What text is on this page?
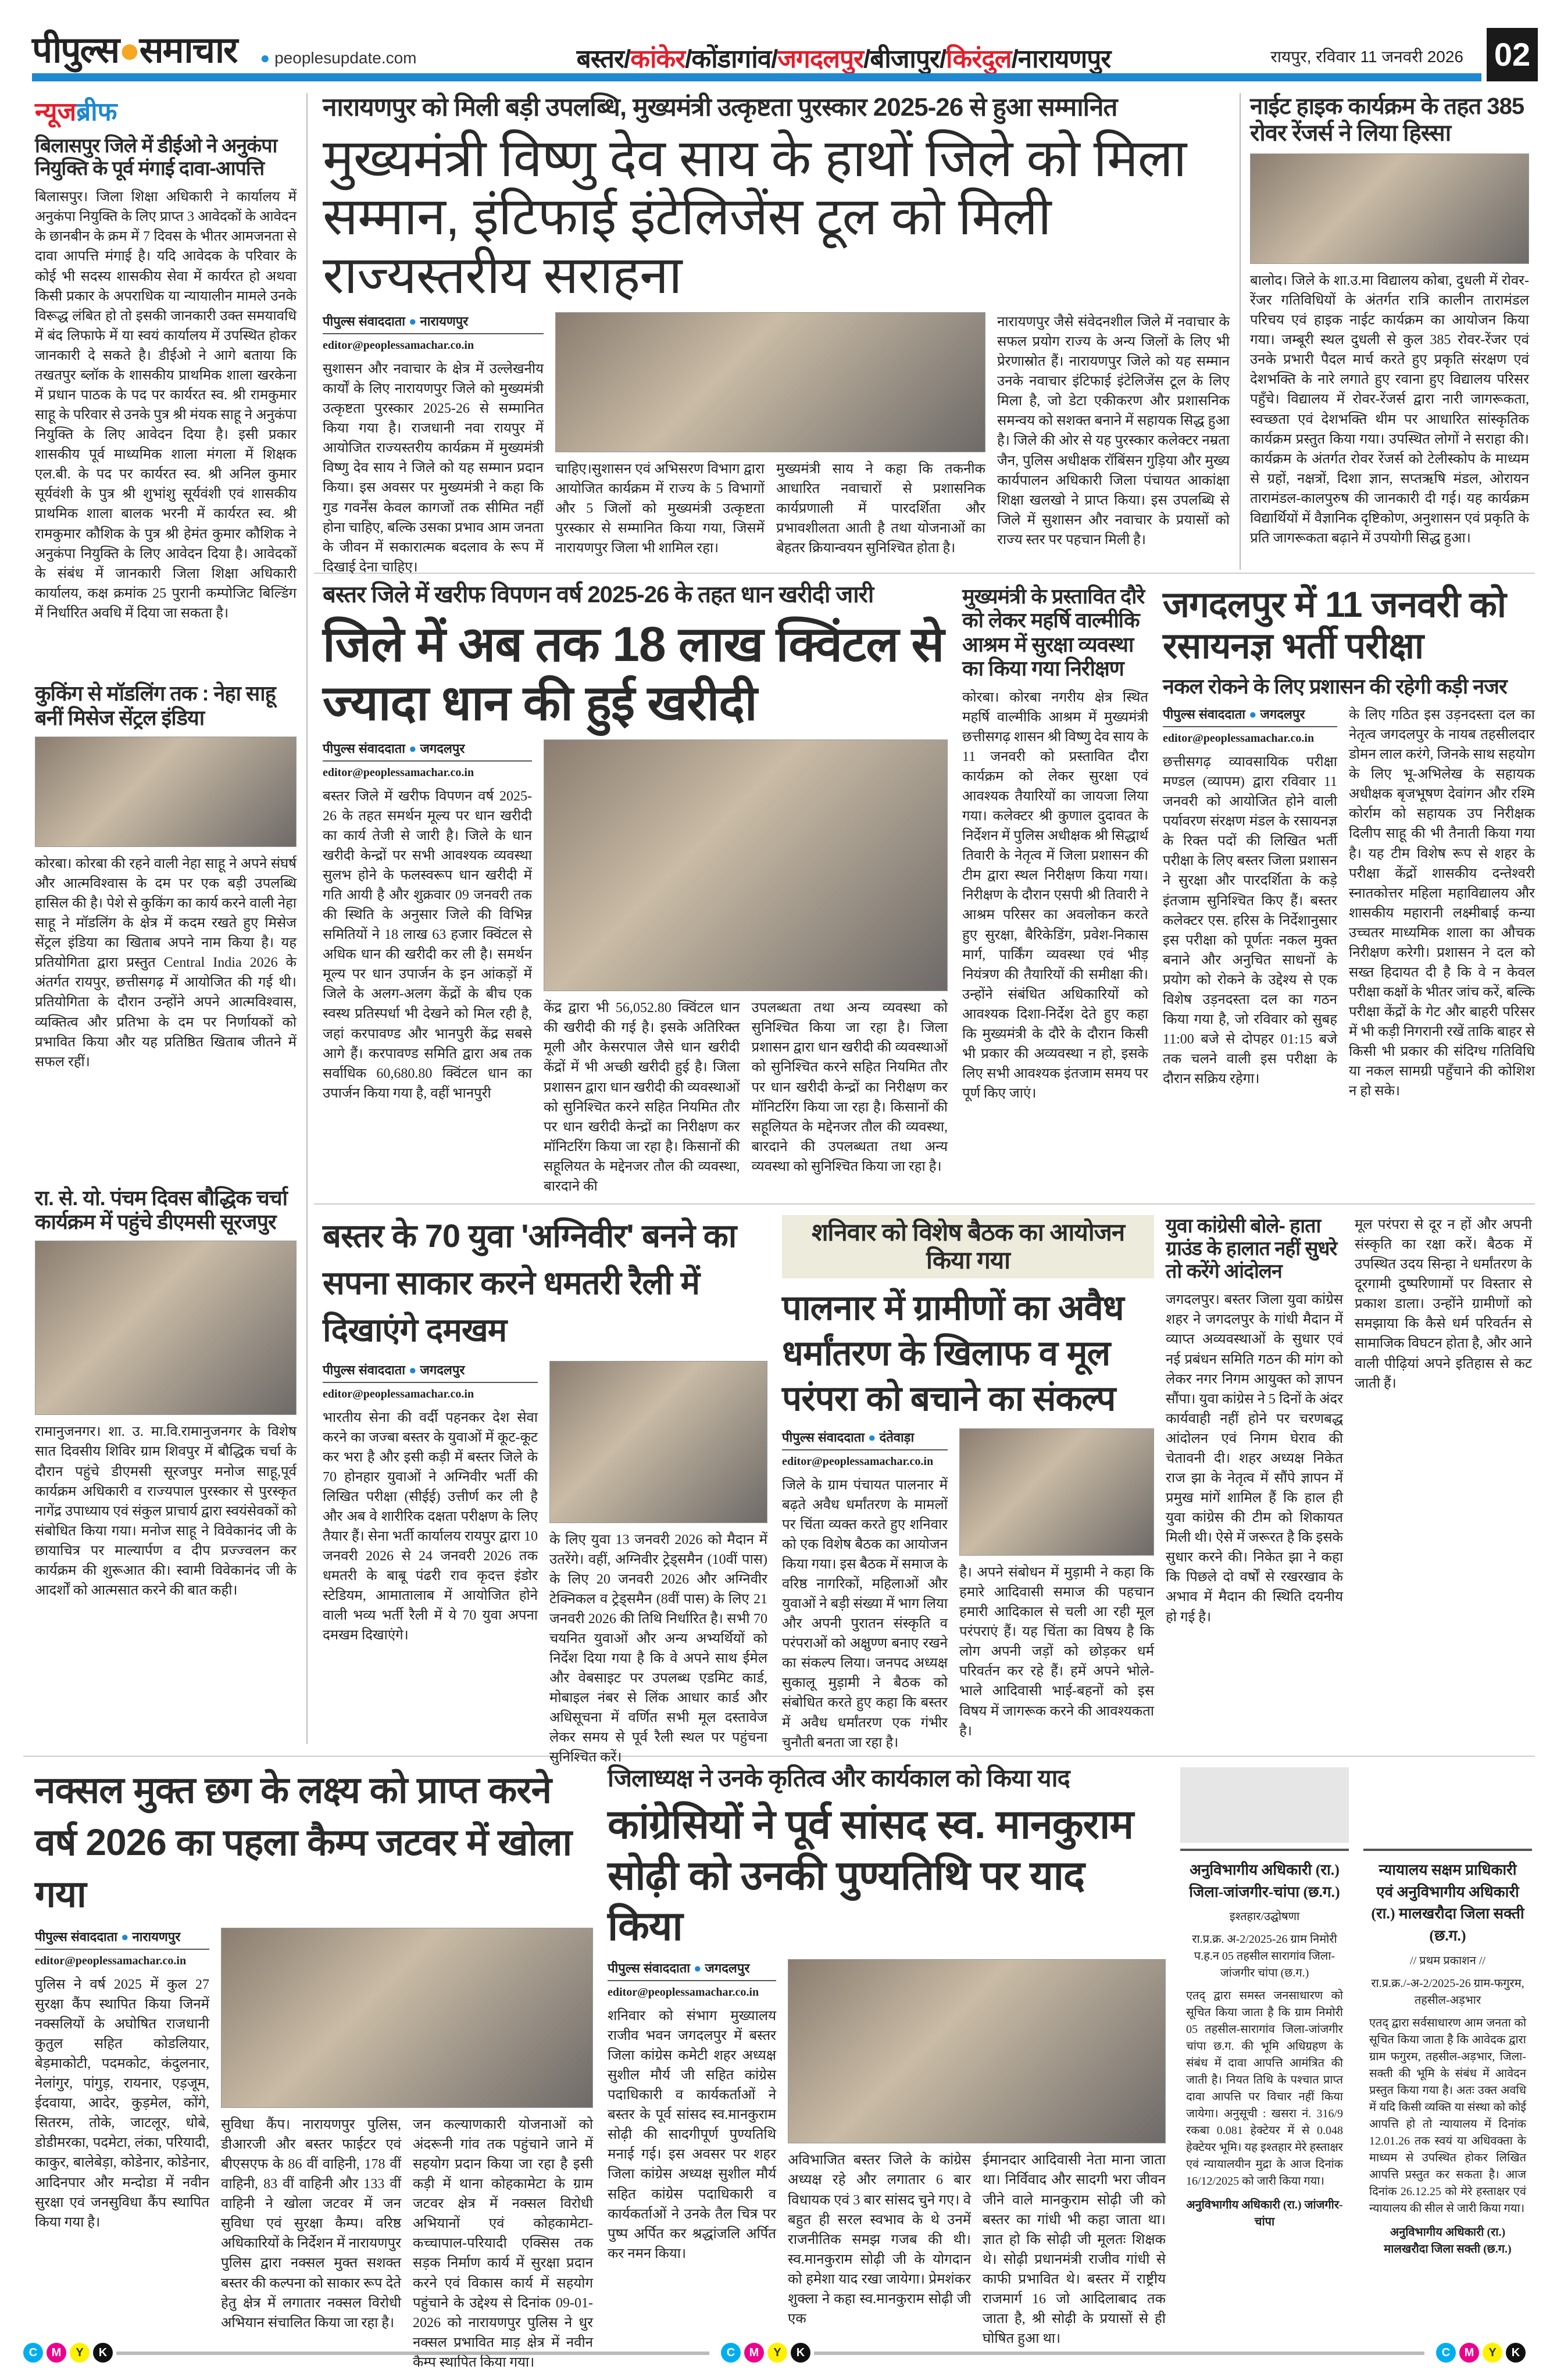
पीपुल्स●समाचार ● peoplesupdate.com	बस्तर / कांकेर / कोंडागांव / जगदलपुर / बीजापुर / किरंदुल / नारायणपुर	रायपुर, रविवार 11 जनवरी 2026 02
न्यूजब्रीफ
बिलासपुर जिले में डीईओ ने अनुकंपा नियुक्ति के पूर्व मंगाई दावा-आपत्ति

बिलासपुर। जिला शिक्षा अधिकारी ने कार्यालय में अनुकंपा नियुक्ति के लिए प्राप्त 3 आवेदकों के आवेदन के छानबीन के क्रम में 7 दिवस के भीतर आमजनता से दावा आपत्ति मंगाई है। यदि आवेदक के परिवार के कोई भी सदस्य शासकीय सेवा में कार्यरत हो अथवा किसी प्रकार के अपराधिक या न्यायालीन मामले उनके विरूद्ध लंबित हो तो इसकी जानकारी उक्त समयावधि में बंद लिफाफे में या स्वयं कार्यालय में उपस्थित होकर जानकारी दे सकते है। डीईओ ने आगे बताया कि तखतपुर ब्लॉक के शासकीय प्राथमिक शाला खरकेना में प्रधान पाठक के पद पर कार्यरत स्व. श्री रामकुमार साहू के परिवार से उनके पुत्र श्री मंयक साहू ने अनुकंपा नियुक्ति के लिए आवेदन दिया है। इसी प्रकार शासकीय पूर्व माध्यमिक शाला मंगला में शिक्षक एल.बी. के पद पर कार्यरत स्व. श्री अनिल कुमार सूर्यवंशी के पुत्र श्री शुभांशु सूर्यवंशी एवं शासकीय प्राथमिक शाला बालक भरनी में कार्यरत स्व. श्री रामकुमार कौशिक के पुत्र श्री हेमंत कुमार कौशिक ने अनुकंपा नियुक्ति के लिए आवेदन दिया है। आवेदकों के संबंध में जानकारी जिला शिक्षा अधिकारी कार्यालय, कक्ष क्रमांक 25 पुरानी कम्पोजिट बिल्डिंग में निर्धारित अवधि में दिया जा सकता है।

कुकिंग से मॉडलिंग तक : नेहा साहू बनीं मिसेज सेंट्रल इंडिया

कोरबा। कोरबा की रहने वाली नेहा साहू ने अपने संघर्ष और आत्मविश्वास के दम पर एक बड़ी उपलब्धि हासिल की है। पेशे से कुकिंग का कार्य करने वाली नेहा साहू ने मॉडलिंग के क्षेत्र में कदम रखते हुए मिसेज सेंट्रल इंडिया का खिताब अपने नाम किया है। यह प्रतियोगिता द्वारा प्रस्तुत Central India 2026 के अंतर्गत रायपुर, छत्तीसगढ़ में आयोजित की गई थी। प्रतियोगिता के दौरान उन्होंने अपने आत्मविश्वास, व्यक्तित्व और प्रतिभा के दम पर निर्णायकों को प्रभावित किया और यह प्रतिष्ठित खिताब जीतने में सफल रहीं।

रा. से. यो. पंचम दिवस बौद्धिक चर्चा कार्यक्रम में पहुंचे डीएमसी सूरजपुर

रामानुजनगर। शा. उ. मा.वि.रामानुजनगर के विशेष सात दिवसीय शिविर ग्राम शिवपुर में बौद्धिक चर्चा के दौरान पहुंचे डीएमसी सूरजपुर मनोज साहू,पूर्व कार्यक्रम अधिकारी व राज्यपाल पुरस्कार से पुरस्कृत नागेंद्र उपाध्याय एवं संकुल प्राचार्य द्वारा स्वयंसेवकों को संबोधित किया गया। मनोज साहू ने विवेकानंद जी के छायाचित्र पर माल्यार्पण व दीप प्रज्ज्वलन कर कार्यक्रम की शुरूआत की। स्वामी विवेकानंद जी के आदर्शों को आत्मसात करने की बात कही।

नारायणपुर को मिली बड़ी उपलब्धि, मुख्यमंत्री उत्कृष्टता पुरस्कार 2025-26 से हुआ सम्मानित
मुख्यमंत्री विष्णु देव साय के हाथों जिले को मिला सम्मान, इंटिफाई इंटेलिजेंस टूल को मिली राज्यस्तरीय सराहना
पीपुल्स संवाददाता ● नारायणपुर
editor@peoplessamachar.co.in

सुशासन और नवाचार के क्षेत्र में उल्लेखनीय कार्यों के लिए नारायणपुर जिले को मुख्यमंत्री उत्कृष्टता पुरस्कार 2025-26 से सम्मानित किया गया है। राजधानी नवा रायपुर में आयोजित राज्यस्तरीय कार्यक्रम में मुख्यमंत्री विष्णु देव साय ने जिले को यह सम्मान प्रदान किया। इस अवसर पर मुख्यमंत्री ने कहा कि गुड गवर्नेंस केवल कागजों तक सीमित नहीं होना चाहिए, बल्कि उसका प्रभाव आम जनता के जीवन में सकारात्मक बदलाव के रूप में दिखाई देना चाहिए।

चाहिए।सुशासन एवं अभिसरण विभाग द्वारा आयोजित कार्यक्रम में राज्य के 5 विभागों और 5 जिलों को मुख्यमंत्री उत्कृष्टता पुरस्कार से सम्मानित किया गया, जिसमें नारायणपुर जिला भी शामिल रहा।

मुख्यमंत्री साय ने कहा कि तकनीक आधारित नवाचारों से प्रशासनिक कार्यप्रणाली में पारदर्शिता और प्रभावशीलता आती है तथा योजनाओं का बेहतर क्रियान्वयन सुनिश्चित होता है।

नारायणपुर जैसे संवेदनशील जिले में नवाचार के सफल प्रयोग राज्य के अन्य जिलों के लिए भी प्रेरणास्रोत हैं। नारायणपुर जिले को यह सम्मान उनके नवाचार इंटिफाई इंटेलिजेंस टूल के लिए मिला है, जो डेटा एकीकरण और प्रशासनिक समन्वय को सशक्त बनाने में सहायक सिद्ध हुआ है। जिले की ओर से यह पुरस्कार कलेक्टर नम्रता जैन, पुलिस अधीक्षक रॉबिंसन गुड़िया और मुख्य कार्यपालन अधिकारी जिला पंचायत आकांक्षा शिक्षा खलखो ने प्राप्त किया। इस उपलब्धि से जिले में सुशासन और नवाचार के प्रयासों को राज्य स्तर पर पहचान मिली है।

नाईट हाइक कार्यक्रम के तहत 385 रोवर रेंजर्स ने लिया हिस्सा

बालोद। जिले के शा.उ.मा विद्यालय कोबा, दुधली में रोवर-रेंजर गतिविधियों के अंतर्गत रात्रि कालीन तारामंडल परिचय एवं हाइक नाईट कार्यक्रम का आयोजन किया गया। जम्बूरी स्थल दुधली से कुल 385 रोवर-रेंजर एवं उनके प्रभारी पैदल मार्च करते हुए प्रकृति संरक्षण एवं देशभक्ति के नारे लगाते हुए रवाना हुए विद्यालय परिसर पहुँचे। विद्यालय में रोवर-रेंजर्स द्वारा नारी जागरूकता, स्वच्छता एवं देशभक्ति थीम पर आधारित सांस्कृतिक कार्यक्रम प्रस्तुत किया गया। उपस्थित लोगों ने सराहा की। कार्यक्रम के अंतर्गत रोवर रेंजर्स को टेलीस्कोप के माध्यम से ग्रहों, नक्षत्रों, दिशा ज्ञान, सप्तऋषि मंडल, ओरायन तारामंडल-कालपुरुष की जानकारी दी गई। यह कार्यक्रम विद्यार्थियों में वैज्ञानिक दृष्टिकोण, अनुशासन एवं प्रकृति के प्रति जागरूकता बढ़ाने में उपयोगी सिद्ध हुआ।

बस्तर जिले में खरीफ विपणन वर्ष 2025-26 के तहत धान खरीदी जारी
जिले में अब तक 18 लाख क्विंटल से ज्यादा धान की हुई खरीदी
पीपुल्स संवाददाता ● जगदलपुर
editor@peoplessamachar.co.in

बस्तर जिले में खरीफ विपणन वर्ष 2025-26 के तहत समर्थन मूल्य पर धान खरीदी का कार्य तेजी से जारी है। जिले के धान खरीदी केन्द्रों पर सभी आवश्यक व्यवस्था सुलभ होने के फलस्वरूप धान खरीदी में गति आयी है और शुक्रवार 09 जनवरी तक की स्थिति के अनुसार जिले की विभिन्न समितियों ने 18 लाख 63 हजार क्विंटल से अधिक धान की खरीदी कर ली है। समर्थन मूल्य पर धान उपार्जन के इन आंकड़ों में जिले के अलग-अलग केंद्रों के बीच एक स्वस्थ प्रतिस्पर्धा भी देखने को मिल रही है, जहां करपावण्ड और भानपुरी केंद्र सबसे आगे हैं। करपावण्ड समिति द्वारा अब तक सर्वाधिक 60,680.80 क्विंटल धान का उपार्जन किया गया है, वहीं भानपुरी

केंद्र द्वारा भी 56,052.80 क्विंटल धान की खरीदी की गई है। इसके अतिरिक्त मूली और केसरपाल जैसे धान खरीदी केंद्रों में भी अच्छी खरीदी हुई है। जिला प्रशासन द्वारा धान खरीदी की व्यवस्थाओं को सुनिश्चित करने सहित नियमित तौर पर धान खरीदी केन्द्रों का निरीक्षण कर मॉनिटरिंग किया जा रहा है। किसानों की सहूलियत के मद्देनजर तौल की व्यवस्था, बारदाने की

उपलब्धता तथा अन्य व्यवस्था को सुनिश्चित किया जा रहा है। जिला प्रशासन द्वारा धान खरीदी की व्यवस्थाओं को सुनिश्चित करने सहित नियमित तौर पर धान खरीदी केन्द्रों का निरीक्षण कर मॉनिटरिंग किया जा रहा है। किसानों की सहूलियत के मद्देनजर तौल की व्यवस्था, बारदाने की उपलब्धता तथा अन्य व्यवस्था को सुनिश्चित किया जा रहा है।

मुख्यमंत्री के प्रस्तावित दौरे को लेकर महर्षि वाल्मीकि आश्रम में सुरक्षा व्यवस्था का किया गया निरीक्षण

कोरबा। कोरबा नगरीय क्षेत्र स्थित महर्षि वाल्मीकि आश्रम में मुख्यमंत्री छत्तीसगढ़ शासन श्री विष्णु देव साय के 11 जनवरी को प्रस्तावित दौरा कार्यक्रम को लेकर सुरक्षा एवं आवश्यक तैयारियों का जायजा लिया गया। कलेक्टर श्री कुणाल दुदावत के निर्देशन में पुलिस अधीक्षक श्री सिद्धार्थ तिवारी के नेतृत्व में जिला प्रशासन की टीम द्वारा स्थल निरीक्षण किया गया। निरीक्षण के दौरान एसपी श्री तिवारी ने आश्रम परिसर का अवलोकन करते हुए सुरक्षा, बैरिकेडिंग, प्रवेश-निकास मार्ग, पार्किंग व्यवस्था एवं भीड़ नियंत्रण की तैयारियों की समीक्षा की। उन्होंने संबंधित अधिकारियों को आवश्यक दिशा-निर्देश देते हुए कहा कि मुख्यमंत्री के दौरे के दौरान किसी भी प्रकार की अव्यवस्था न हो, इसके लिए सभी आवश्यक इंतजाम समय पर पूर्ण किए जाएं।

जगदलपुर में 11 जनवरी को रसायनज्ञ भर्ती परीक्षा
नकल रोकने के लिए प्रशासन की रहेगी कड़ी नजर
पीपुल्स संवाददाता ● जगदलपुर
editor@peoplessamachar.co.in

छत्तीसगढ़ व्यावसायिक परीक्षा मण्डल (व्यापम) द्वारा रविवार 11 जनवरी को आयोजित होने वाली पर्यावरण संरक्षण मंडल के रसायनज्ञ के रिक्त पदों की लिखित भर्ती परीक्षा के लिए बस्तर जिला प्रशासन ने सुरक्षा और पारदर्शिता के कड़े इंतजाम सुनिश्चित किए हैं। बस्तर कलेक्टर एस. हरिस के निर्देशानुसार इस परीक्षा को पूर्णतः नकल मुक्त बनाने और अनुचित साधनों के प्रयोग को रोकने के उद्देश्य से एक विशेष उड़नदस्ता दल का गठन किया गया है, जो रविवार को सुबह 11:00 बजे से दोपहर 01:15 बजे तक चलने वाली इस परीक्षा के दौरान सक्रिय रहेगा।

के लिए गठित इस उड़नदस्ता दल का नेतृत्व जगदलपुर के नायब तहसीलदार डोमन लाल करंगे, जिनके साथ सहयोग के लिए भू-अभिलेख के सहायक अधीक्षक बृजभूषण देवांगन और रश्मि कोर्राम को सहायक उप निरीक्षक दिलीप साहू की भी तैनाती किया गया है। यह टीम विशेष रूप से शहर के परीक्षा केंद्रों शासकीय दन्तेश्वरी स्नातकोत्तर महिला महाविद्यालय और शासकीय महारानी लक्ष्मीबाई कन्या उच्चतर माध्यमिक शाला का औचक निरीक्षण करेगी। प्रशासन ने दल को सख्त हिदायत दी है कि वे न केवल परीक्षा कक्षों के भीतर जांच करें, बल्कि परीक्षा केंद्रों के गेट और बाहरी परिसर में भी कड़ी निगरानी रखें ताकि बाहर से किसी भी प्रकार की संदिग्ध गतिविधि या नकल सामग्री पहुँचाने की कोशिश न हो सके।

बस्तर के 70 युवा 'अग्निवीर' बनने का सपना साकार करने धमतरी रैली में दिखाएंगे दमखम
पीपुल्स संवाददाता ● जगदलपुर
editor@peoplessamachar.co.in

भारतीय सेना की वर्दी पहनकर देश सेवा करने का जज्बा बस्तर के युवाओं में कूट-कूट कर भरा है और इसी कड़ी में बस्तर जिले के 70 होनहार युवाओं ने अग्निवीर भर्ती की लिखित परीक्षा (सीईई) उत्तीर्ण कर ली है और अब वे शारीरिक दक्षता परीक्षण के लिए तैयार हैं। सेना भर्ती कार्यालय रायपुर द्वारा 10 जनवरी 2026 से 24 जनवरी 2026 तक धमतरी के बाबू पंढरी राव कृदत्त इंडोर स्टेडियम, आमातालाब में आयोजित होने वाली भव्य भर्ती रैली में ये 70 युवा अपना दमखम दिखाएंगे।

के लिए युवा 13 जनवरी 2026 को मैदान में उतरेंगे। वहीं, अग्निवीर ट्रेड्समैन (10वीं पास) के लिए 20 जनवरी 2026 और अग्निवीर टेक्निकल व ट्रेड्समैन (8वीं पास) के लिए 21 जनवरी 2026 की तिथि निर्धारित है। सभी 70 चयनित युवाओं और अन्य अभ्यर्थियों को निर्देश दिया गया है कि वे अपने साथ ईमेल और वेबसाइट पर उपलब्ध एडमिट कार्ड, मोबाइल नंबर से लिंक आधार कार्ड और अधिसूचना में वर्णित सभी मूल दस्तावेज लेकर समय से पूर्व रैली स्थल पर पहुंचना सुनिश्चित करें।

शनिवार को विशेष बैठक का आयोजन किया गया
पालनार में ग्रामीणों का अवैध धर्मांतरण के खिलाफ व मूल परंपरा को बचाने का संकल्प
पीपुल्स संवाददाता ● दंतेवाड़ा
editor@peoplessamachar.co.in

जिले के ग्राम पंचायत पालनार में बढ़ते अवैध धर्मांतरण के मामलों पर चिंता व्यक्त करते हुए शनिवार को एक विशेष बैठक का आयोजन किया गया। इस बैठक में समाज के वरिष्ठ नागरिकों, महिलाओं और युवाओं ने बड़ी संख्या में भाग लिया और अपनी पुरातन संस्कृति व परंपराओं को अक्षुण्ण बनाए रखने का संकल्प लिया। जनपद अध्यक्ष सुकालू मुड़ामी ने बैठक को संबोधित करते हुए कहा कि बस्तर में अवैध धर्मांतरण एक गंभीर चुनौती बनता जा रहा है।

है। अपने संबोधन में मुड़ामी ने कहा कि हमारे आदिवासी समाज की पहचान हमारी आदिकाल से चली आ रही मूल परंपराएं हैं। यह चिंता का विषय है कि लोग अपनी जड़ों को छोड़कर धर्म परिवर्तन कर रहे हैं। हमें अपने भोले-भाले आदिवासी भाई-बहनों को इस विषय में जागरूक करने की आवश्यकता है।

युवा कांग्रेसी बोले- हाता ग्राउंड के हालात नहीं सुधरे तो करेंगे आंदोलन

जगदलपुर। बस्तर जिला युवा कांग्रेस शहर ने जगदलपुर के गांधी मैदान में व्याप्त अव्यवस्थाओं के सुधार एवं नई प्रबंधन समिति गठन की मांग को लेकर नगर निगम आयुक्त को ज्ञापन सौंपा। युवा कांग्रेस ने 5 दिनों के अंदर कार्यवाही नहीं होने पर चरणबद्ध आंदोलन एवं निगम घेराव की चेतावनी दी। शहर अध्यक्ष निकेत राज झा के नेतृत्व में सौंपे ज्ञापन में प्रमुख मांगें शामिल हैं कि हाल ही युवा कांग्रेस की टीम को शिकायत मिली थी। ऐसे में जरूरत है कि इसके सुधार करने की। निकेत झा ने कहा कि पिछले दो वर्षों से रखरखाव के अभाव में मैदान की स्थिति दयनीय हो गई है।

मूल परंपरा से दूर न हों और अपनी संस्कृति का रक्षा करें। बैठक में उपस्थित उदय सिन्हा ने धर्मांतरण के दूरगामी दुष्परिणामों पर विस्तार से प्रकाश डाला। उन्होंने ग्रामीणों को समझाया कि कैसे धर्म परिवर्तन से सामाजिक विघटन होता है, और आने वाली पीढ़ियां अपने इतिहास से कट जाती हैं।

नक्सल मुक्त छग के लक्ष्य को प्राप्त करने वर्ष 2026 का पहला कैम्प जटवर में खोला गया
पीपुल्स संवाददाता ● नारायणपुर
editor@peoplessamachar.co.in

पुलिस ने वर्ष 2025 में कुल 27 सुरक्षा कैंप स्थापित किया जिनमें नक्सलियों के अघोषित राजधानी कुतुल सहित कोडलियार, बेड़माकोटी, पदमकोट, कंदुलनार, नेलांगुर, पांगुड़, रायनार, एड़जूम, ईदवाया, आदेर, कुड़मेल, कोंगे, सितरम, तोके, जाटलूर, धोबे, डोडीमरका, पदमेटा, लंका, परियादी, काकुर, बालेबेड़ा, कोडेनार, कोडेनार, आदिनपार और मन्दोडा में नवीन सुरक्षा एवं जनसुविधा कैंप स्थापित किया गया है।

सुविधा कैंप। नारायणपुर पुलिस, डीआरजी और बस्तर फाईटर एवं बीएसएफ के 86 वीं वाहिनी, 178 वीं वाहिनी, 83 वीं वाहिनी और 133 वीं वाहिनी ने खोला जटवर में जन सुविधा एवं सुरक्षा कैम्प। वरिष्ठ अधिकारियों के निर्देशन में नारायणपुर पुलिस द्वारा नक्सल मुक्त सशक्त बस्तर की कल्पना को साकार रूप देते हेतु क्षेत्र में लगातार नक्सल विरोधी अभियान संचालित किया जा रहा है।

जन कल्याणकारी योजनाओं को अंदरूनी गांव तक पहुंचाने जाने में सहयोग प्रदान किया जा रहा है इसी कड़ी में थाना कोहकामेटा के ग्राम जटवर क्षेत्र में नक्सल विरोधी अभियानों एवं कोहकामेटा-कच्चापाल-परियादी एक्सिस तक सड़क निर्माण कार्य में सुरक्षा प्रदान करने एवं विकास कार्य में सहयोग पहुंचाने के उद्देश्य से दिनांक 09-01-2026 को नारायणपुर पुलिस ने धुर नक्सल प्रभावित माड़ क्षेत्र में नवीन कैम्प स्थापित किया गया।

जिलाध्यक्ष ने उनके कृतित्व और कार्यकाल को किया याद
कांग्रेसियों ने पूर्व सांसद स्व. मानकुराम सोढ़ी को उनकी पुण्यतिथि पर याद किया
पीपुल्स संवाददाता ● जगदलपुर
editor@peoplessamachar.co.in

शनिवार को संभाग मुख्यालय राजीव भवन जगदलपुर में बस्तर जिला कांग्रेस कमेटी शहर अध्यक्ष सुशील मौर्य जी सहित कांग्रेस पदाधिकारी व कार्यकर्ताओं ने बस्तर के पूर्व सांसद स्व.मानकुराम सोढ़ी की सादगीपूर्ण पुण्यतिथि मनाई गई। इस अवसर पर शहर जिला कांग्रेस अध्यक्ष सुशील मौर्य सहित कांग्रेस पदाधिकारी व कार्यकर्ताओं ने उनके तैल चित्र पर पुष्प अर्पित कर श्रद्धांजलि अर्पित कर नमन किया।

अविभाजित बस्तर जिले के कांग्रेस अध्यक्ष रहे और लगातार 6 बार विधायक एवं 3 बार सांसद चुने गए। वे बहुत ही सरल स्वभाव के थे उनमें राजनीतिक समझ गजब की थी। स्व.मानकुराम सोढ़ी जी के योगदान को हमेशा याद रखा जायेगा। प्रेमशंकर शुक्ला ने कहा स्व.मानकुराम सोढ़ी जी एक

ईमानदार आदिवासी नेता माना जाता था। निर्विवाद और सादगी भरा जीवन जीने वाले मानकुराम सोढ़ी जी को बस्तर का गांधी भी कहा जाता था। ज्ञात हो कि सोढ़ी जी मूलतः शिक्षक थे। सोढ़ी प्रधानमंत्री राजीव गांधी से काफी प्रभावित थे। बस्तर में राष्ट्रीय राजमार्ग 16 जो आदिलाबाद तक जाता है, श्री सोढ़ी के प्रयासों से ही घोषित हुआ था।

अनुविभागीय अधिकारी (रा.) जिला-जांजगीर-चांपा (छ.ग.)
इश्तहार/उद्घोषणा
रा.प्र.क्र. अ-2/2025-26 ग्राम निमोरी प.ह.न 05 तहसील सारागांव जिला-जांजगीर चांपा (छ.ग.)

एतद् द्वारा समस्त जनसाधारण को सूचित किया जाता है कि ग्राम निमोरी 05 तहसील-सारागांव जिला-जांजगीर चांपा छ.ग. की भूमि अधिग्रहण के संबंध में दावा आपत्ति आमंत्रित की जाती है। नियत तिथि के पश्चात प्राप्त दावा आपत्ति पर विचार नहीं किया जायेगा। अनुसूची : खसरा नं. 316/9 रकबा 0.081 हेक्टेयर में से 0.048 हेक्टेयर भूमि। यह इश्तहार मेरे हस्ताक्षर एवं न्यायालयीन मुद्रा के आज दिनांक 16/12/2025 को जारी किया गया।

अनुविभागीय अधिकारी (रा.) जांजगीर-चांपा
न्यायालय सक्षम प्राधिकारी एवं अनुविभागीय अधिकारी (रा.) मालखरौदा जिला सक्ती (छ.ग.)
// प्रथम प्रकाशन //
रा.प्र.क्र./-अ-2/2025-26 ग्राम-फगुरम, तहसील-अड़भार

एतद् द्वारा सर्वसाधारण आम जनता को सूचित किया जाता है कि आवेदक द्वारा ग्राम फगुरम, तहसील-अड़भार, जिला-सक्ती की भूमि के संबंध में आवेदन प्रस्तुत किया गया है। अतः उक्त अवधि में यदि किसी व्यक्ति या संस्था को कोई आपत्ति हो तो न्यायालय में दिनांक 12.01.26 तक स्वयं या अधिवक्ता के माध्यम से उपस्थित होकर लिखित आपत्ति प्रस्तुत कर सकता है। आज दिनांक 26.12.25 को मेरे हस्ताक्षर एवं न्यायालय की सील से जारी किया गया।

अनुविभागीय अधिकारी (रा.) मालखरौदा जिला सक्ती (छ.ग.)
C	M	Y	K	C	M	Y	K	C	M	Y	K
